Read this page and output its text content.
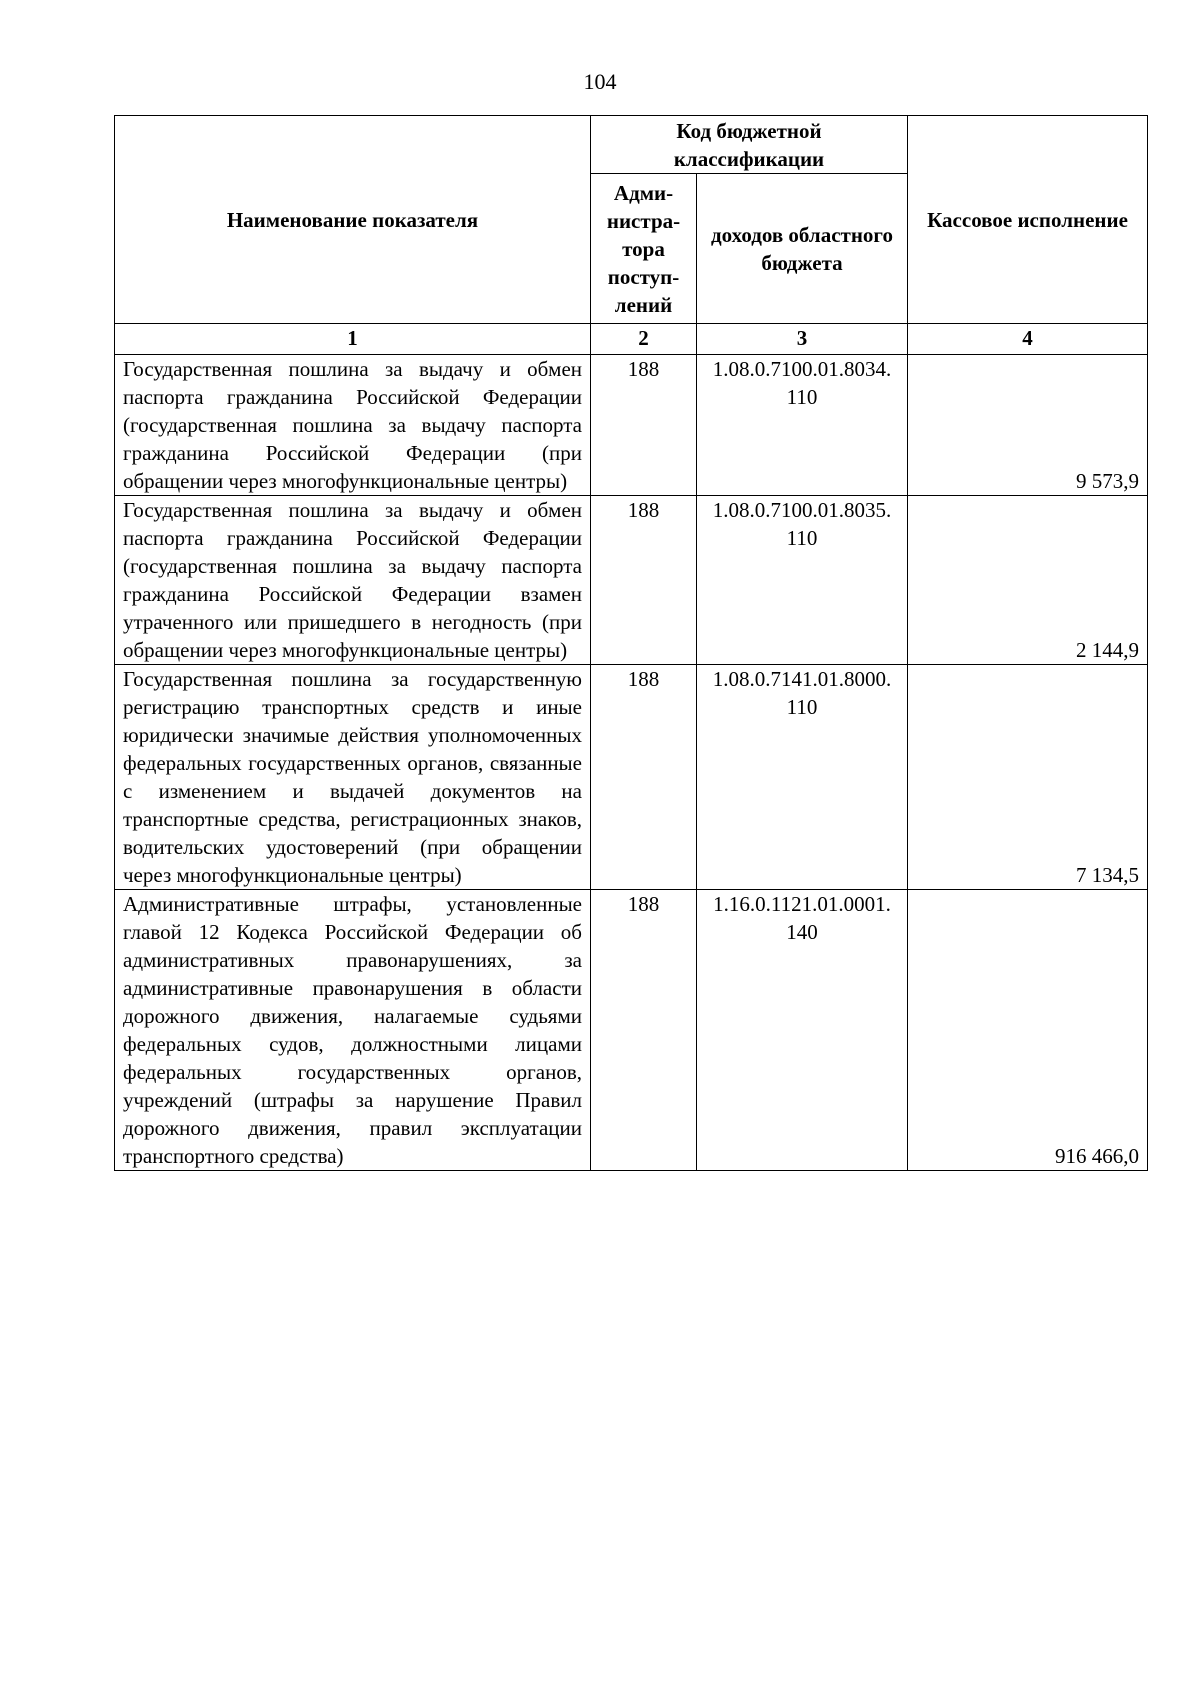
104
Наименование показателя	Код бюджетной классификации		Кассовое исполнение
	Адми-нистра-тора поступ-лений	доходов областного бюджета	
1	2	3	4
Государственная пошлина за выдачу и обмен паспорта гражданина Российской Федерации (государственная пошлина за выдачу паспорта гражданина Российской Федерации (при обращении через многофункциональные центры)	188	1.08.0.7100.01.8034. 110	9 573,9
Государственная пошлина за выдачу и обмен паспорта гражданина Российской Федерации (государственная пошлина за выдачу паспорта гражданина Российской Федерации взамен утраченного или пришедшего в негодность (при обращении через многофункциональные центры)	188	1.08.0.7100.01.8035. 110	2 144,9
Государственная пошлина за государственную регистрацию транспортных средств и иные юридически значимые действия уполномоченных федеральных государственных органов, связанные с изменением и выдачей документов на транспортные средства, регистрационных знаков, водительских удостоверений (при обращении через многофункциональные центры)	188	1.08.0.7141.01.8000. 110	7 134,5
Административные штрафы, установленные главой 12 Кодекса Российской Федерации об административных правонарушениях, за административные правонарушения в области дорожного движения, налагаемые судьями федеральных судов, должностными лицами федеральных государственных органов, учреждений (штрафы за нарушение Правил дорожного движения, правил эксплуатации транспортного средства)	188	1.16.0.1121.01.0001. 140	916 466,0
